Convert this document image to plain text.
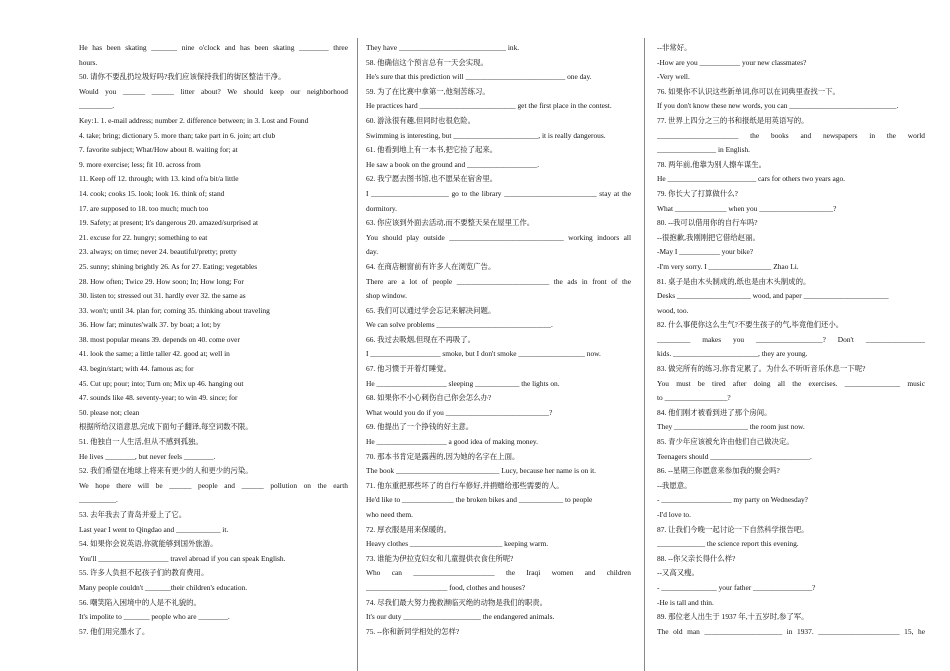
He has been skating _______ nine o'clock and has been skating ________ three
hours.
50. 请你不要乱扔垃圾好吗?我们应该保持我们的街区整洁干净。
Would you ______ ______ litter about? We should keep our neighborhood
_________.
Key:1. 1. e-mail address; number 2. difference between; in 3. Lost and Found
4. take; bring; dictionary 5. more than; take part in 6. join; art club
7. favorite subject; What/How about 8. waiting for; at
9. more exercise; less; fit 10. across from
11. Keep off 12. through; with 13. kind of/a bit/a little
14. cook; cooks 15. look; look 16. think of; stand
17. are supposed to 18. too much; much too
19. Safety; at present; It's dangerous 20. amazed/surprised at
21. excuse for 22. hungry; something to eat
23. always; on time; never 24. beautiful/pretty; pretty
25. sunny; shining brightly 26. As for 27. Eating; vegetables
28. How often; Twice 29. How soon; In; How long; For
30. listen to; stressed out 31. hardly ever 32. the same as
33. won't; until 34. plan for; coming 35. thinking about traveling
36. How far; minutes'walk 37. by boat; a lot; by
38. most popular means 39. depends on 40. come over
41. look the same; a little taller 42. good at; well in
43. begin/start; with 44. famous as; for
45. Cut up; pour; into; Turn on; Mix up 46. hanging out
47. sounds like 48. seventy-year; to win 49. since; for
50. please not; clean
根据所给汉语意思,完成下面句子翻译,每空词数不限。
51. 他独自一人生活,但从不感到孤独。
He lives ________, but never feels ________.
52. 我们希望在地球上将来有更少的人和更少的污染。
We hope there will be ______ people and ______ pollution on the earth
__________.
53. 去年我去了青岛并爱上了它。
Last year I went to Qingdao and ____________ it.
54. 如果你会说英语,你就能够到国外旅游。
You'll ___________________ travel abroad if you can speak English.
55. 许多人负担不起孩子们的教育费用。
Many people couldn't _______their children's education.
56. 嘲笑陷入困境中的人是不礼貌的。
It's impolite to _______ people who are ________.
57. 他们用完墨水了。
They have _____________________________ ink.
58. 他确信这个预言总有一天会实现。
He's sure that this prediction will ___________________________ one day.
59. 为了在比赛中拿第一,他刻苦练习。
He practices hard __________________________ get the first place in the contest.
60. 游泳很有趣,但同时也很危险。
Swimming is interesting, but _______________________, it is really dangerous.
61. 他看到地上有一本书,把它捡了起来。
He saw a book on the ground and ___________________.
62. 我宁愿去图书馆,也不愿呆在宿舍里。
I _____________________ go to the library _________________________ stay at the
dormitory.
63. 你应该到外面去活动,而不要整天呆在屋里工作。
You should play outside _______________________________ working indoors all
day.
64. 在商店橱窗前有许多人在浏览广告。
There are a lot of people _________________________ the ads in front of the
shop window.
65. 我们可以通过学会忘记来解决问题。
We can solve problems _______________________________.
66. 我过去吸烟,但现在不再吸了。
I ___________________ smoke, but I don't smoke __________________ now.
67. 他习惯于开着灯睡觉。
He ___________________ sleeping ____________ the lights on.
68. 如果你不小心刺伤自己你会怎么办?
What would you do if you ____________________________?
69. 他提出了一个挣钱的好主意。
He ___________________ a good idea of making money.
70. 那本书肯定是露茜的,因为她的名字在上面。
The book ____________________________ Lucy, because her name is on it.
71. 他东重把那些坏了的自行车修好,并捐赠给那些需要的人。
He'd like to ______________ the broken bikes and ____________ to people
who need them.
72. 厚衣服是用来保暖的。
Heavy clothes _________________________ keeping warm.
73. 谁能为伊拉克妇女和儿童提供衣食住所呢?
Who can ______________________ the Iraqi women and children
______________________ food, clothes and houses?
74. 尽我们最大努力挽救濒临灭绝的动物是我们的职责。
It's our duty _____________________ the endangered animals.
75. --你和新同学相处的怎样?
--非常好。
-How are you ___________ your new classmates?
-Very well.
76. 如果你不认识这些新单词,你可以在词典里查找一下。
If you don't know these new words, you can _____________________________.
77. 世界上四分之三的书和报纸是用英语写的。
______________________ the books and newspapers in the world
________________ in English.
78. 两年前,他靠为别人擦车谋生。
He ________________________ cars for others two years ago.
79. 你长大了打算做什么?
What ______________ when you ____________________?
80. --我可以借用你的自行车吗?
--很抱歉,我刚刚把它借给赵丽。
-May I ___________ your bike?
-I'm very sorry. I _________________ Zhao Li.
81. 桌子是由木头制成的,纸也是由木头制成的。
Desks ____________________ wood, and paper _______________________
wood, too.
82. 什么事使你这么生气?不要生孩子的气,毕竟他们还小。
_________ makes you __________________? Don't ________________
kids. _______________________, they are young.
83. 做完所有的练习,你肯定累了。为什么不听听音乐休息一下呢?
You must be tired after doing all the exercises. _______________ music
to _________________?
84. 他们刚才被看到进了那个房间。
They ____________________ the room just now.
85. 青少年应该被允许由他们自己做决定。
Teenagers should ___________________________.
86. --星期三你愿意来参加我的聚会吗?
--我愿意。
- ___________________ my party on Wednesday?
-I'd love to.
87. 让我们今晚一起讨论一下自然科学报告吧。
_____________ the science report this evening.
88. --你父亲长得什么样?
--又高又瘦。
- _______________ your father ________________?
-He is tall and thin.
89. 那位老人出生于 1937 年,十五岁时,参了军。
The old man _____________________ in 1937. ______________________ 15, he
